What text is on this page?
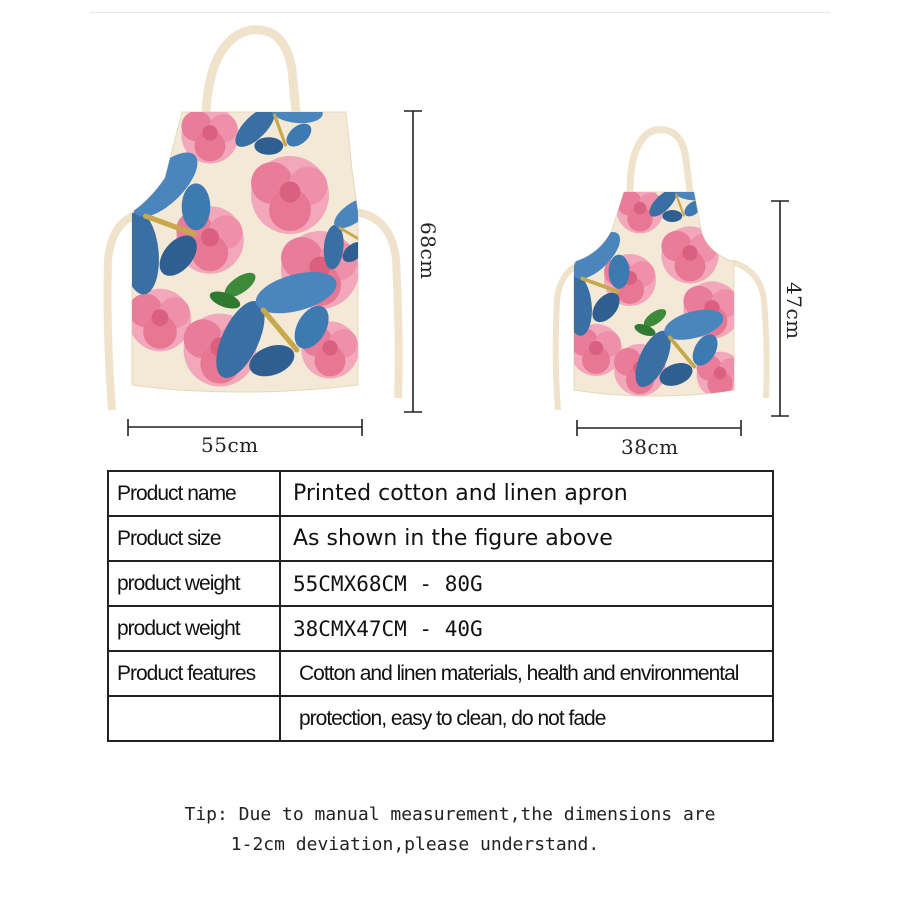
55cm
68cm
38cm
47cm
Product name	Printed cotton and linen apron
Product size	As shown in the figure above
product weight	55CMX68CM - 80G
product weight	38CMX47CM - 40G
Product features	Cotton and linen materials, health and environmental
	protection, easy to clean, do not fade
Tip: Due to manual measurement,the dimensions are
1-2cm deviation,please understand.
